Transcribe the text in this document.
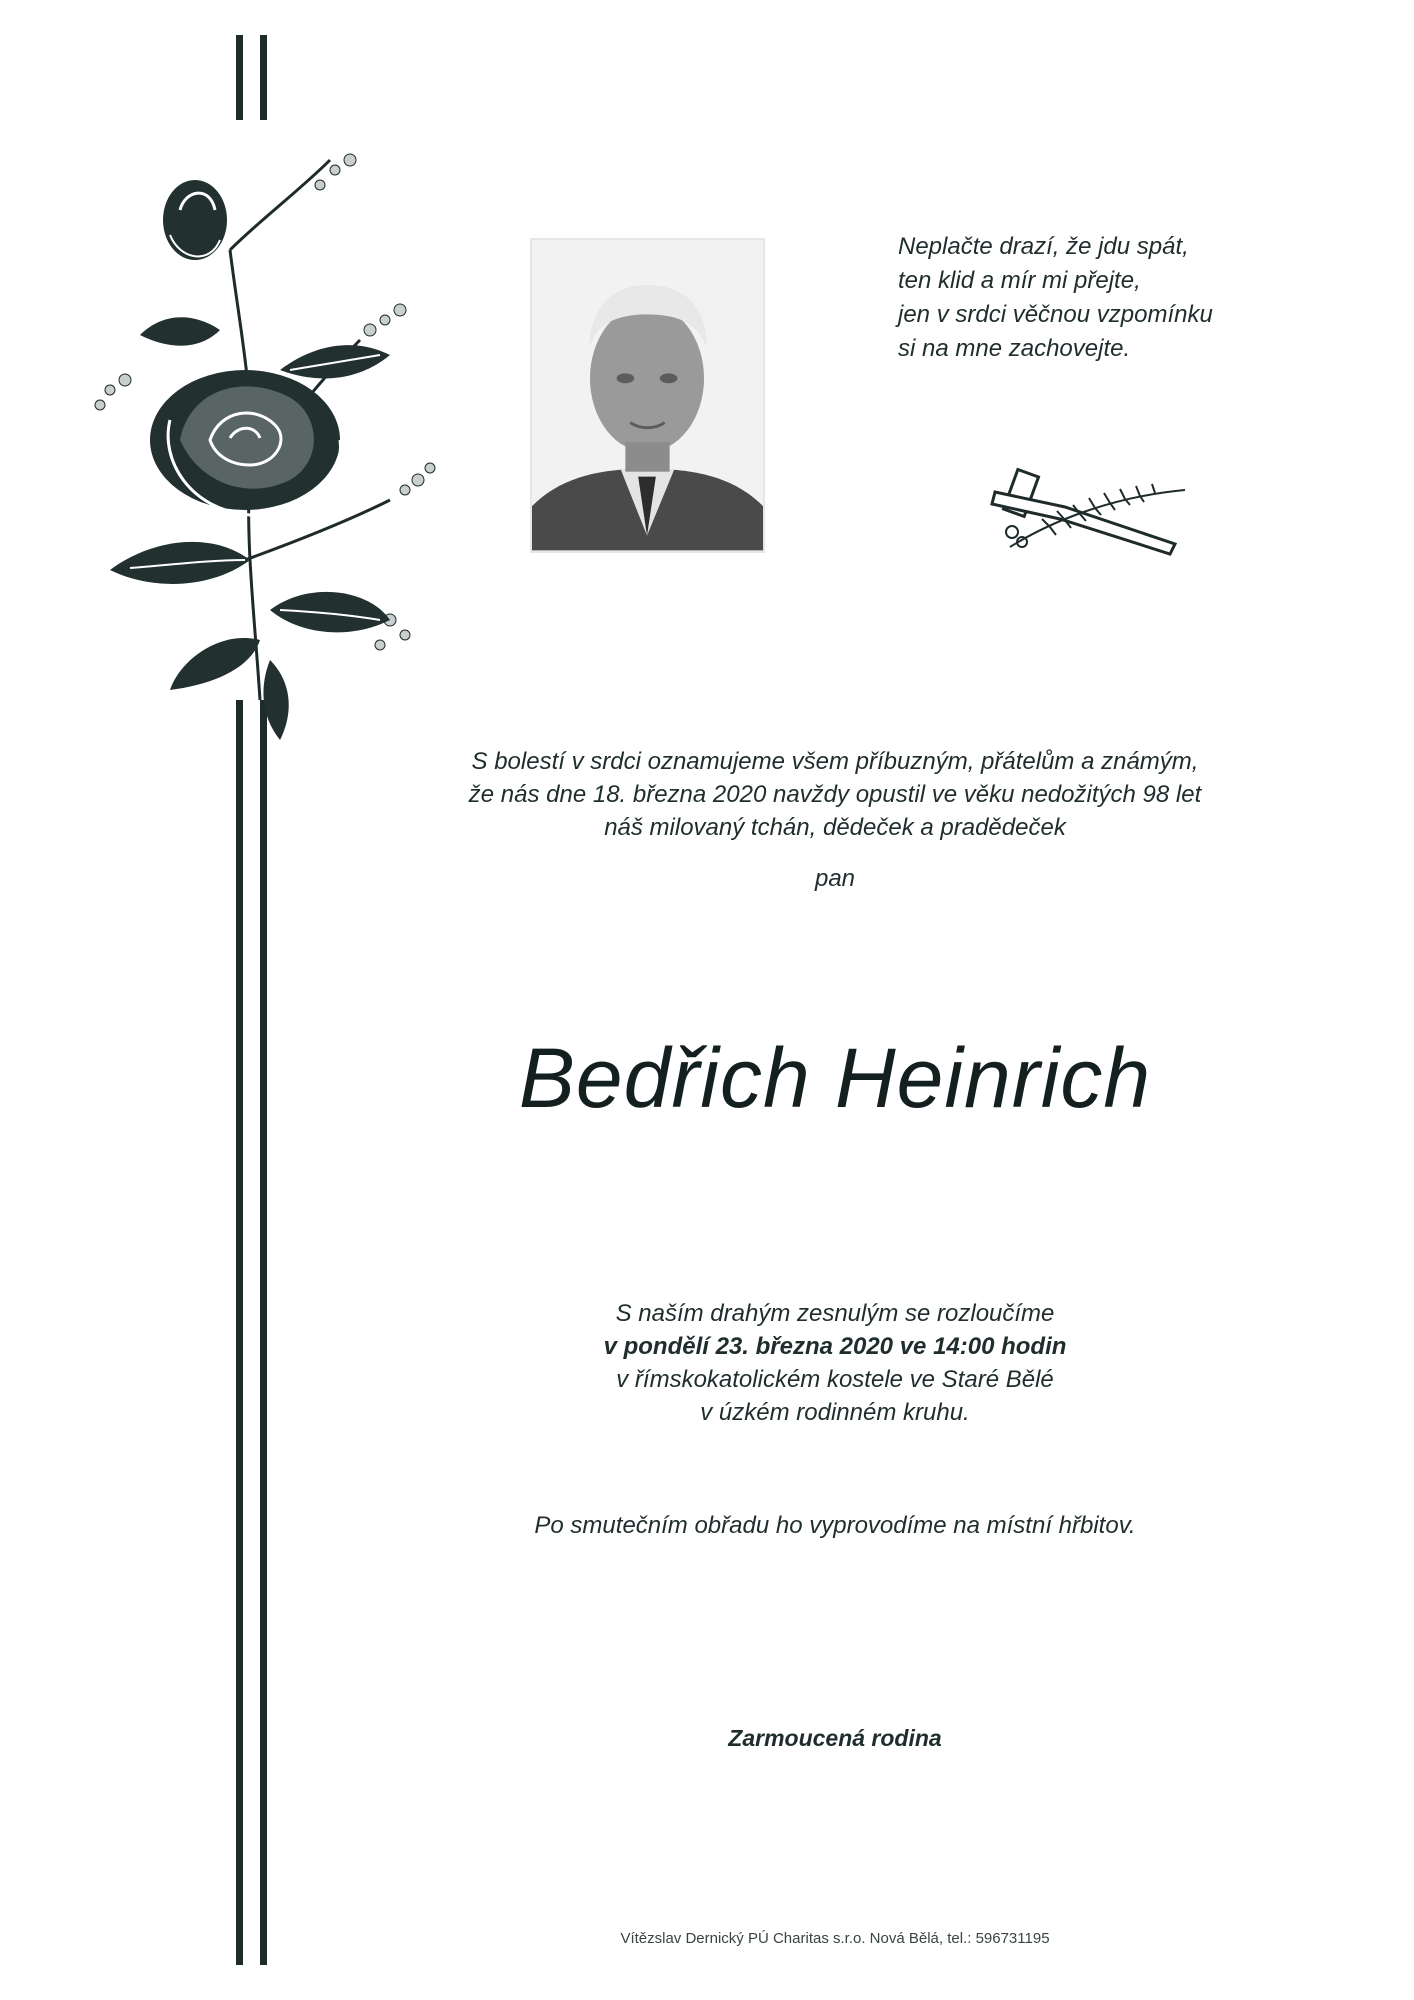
Neplačte drazí, že jdu spát,
ten klid a mír mi přejte,
jen v srdci věčnou vzpomínku
si na mne zachovejte.
S bolestí v srdci oznamujeme všem příbuzným, přátelům a známým,
že nás dne 18. března 2020 navždy opustil ve věku nedožitých 98 let
náš milovaný tchán, dědeček a pradědeček
pan
Bedřich Heinrich
S naším drahým zesnulým se rozloučíme
v pondělí 23. března 2020 ve 14:00 hodin
v římskokatolickém kostele ve Staré Bělé
v úzkém rodinném kruhu.
Po smutečním obřadu ho vyprovodíme na místní hřbitov.
Zarmoucená rodina
Vítězslav Dernický PÚ Charitas s.r.o. Nová Bělá, tel.: 596731195
